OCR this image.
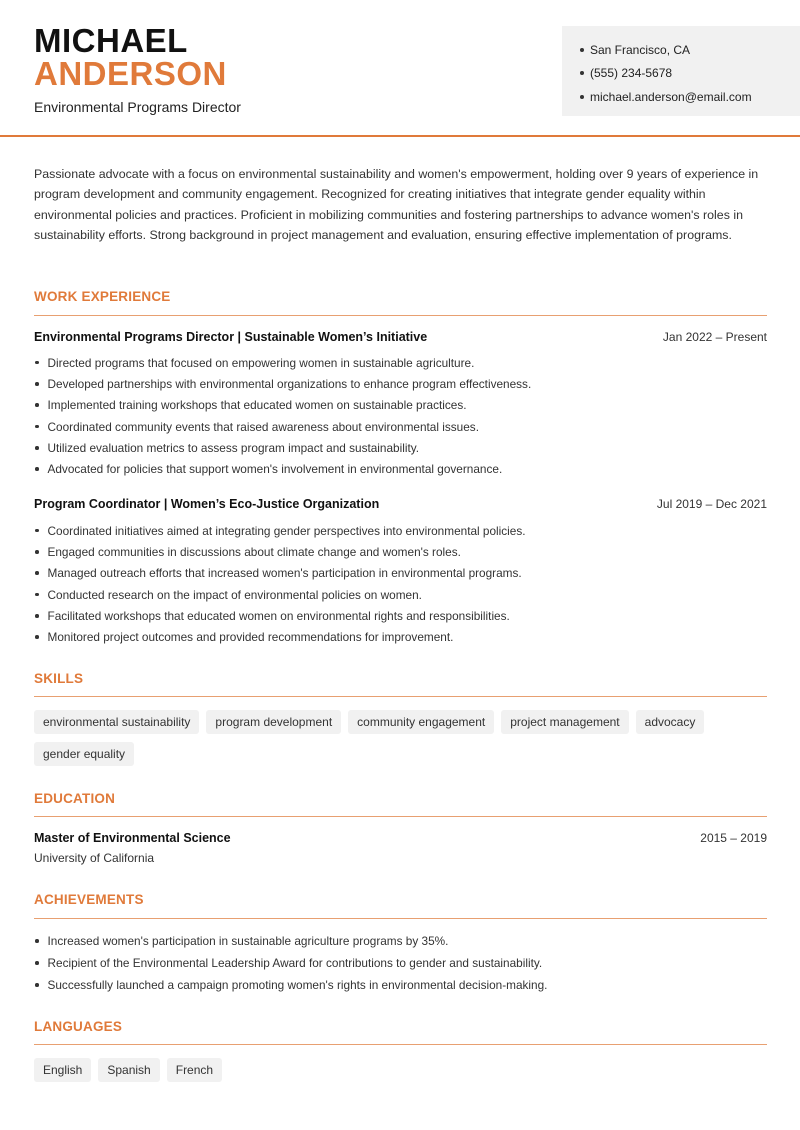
MICHAEL
ANDERSON
Environmental Programs Director
San Francisco, CA
(555) 234-5678
michael.anderson@email.com

Passionate advocate with a focus on environmental sustainability and women's empowerment, holding over 9 years of experience in program development and community engagement. Recognized for creating initiatives that integrate gender equality within environmental policies and practices. Proficient in mobilizing communities and fostering partnerships to advance women's roles in sustainability efforts. Strong background in project management and evaluation, ensuring effective implementation of programs.

WORK EXPERIENCE
Environmental Programs Director | Sustainable Women’s Initiative	Jan 2022 – Present
Directed programs that focused on empowering women in sustainable agriculture.
Developed partnerships with environmental organizations to enhance program effectiveness.
Implemented training workshops that educated women on sustainable practices.
Coordinated community events that raised awareness about environmental issues.
Utilized evaluation metrics to assess program impact and sustainability.
Advocated for policies that support women's involvement in environmental governance.
Program Coordinator | Women’s Eco-Justice Organization	Jul 2019 – Dec 2021
Coordinated initiatives aimed at integrating gender perspectives into environmental policies.
Engaged communities in discussions about climate change and women's roles.
Managed outreach efforts that increased women's participation in environmental programs.
Conducted research on the impact of environmental policies on women.
Facilitated workshops that educated women on environmental rights and responsibilities.
Monitored project outcomes and provided recommendations for improvement.
SKILLS
environmental sustainability	program development	community engagement	project management	advocacy
gender equality
EDUCATION
Master of Environmental Science	2015 – 2019
University of California
ACHIEVEMENTS
Increased women's participation in sustainable agriculture programs by 35%.
Recipient of the Environmental Leadership Award for contributions to gender and sustainability.
Successfully launched a campaign promoting women's rights in environmental decision-making.
LANGUAGES
English	Spanish	French
